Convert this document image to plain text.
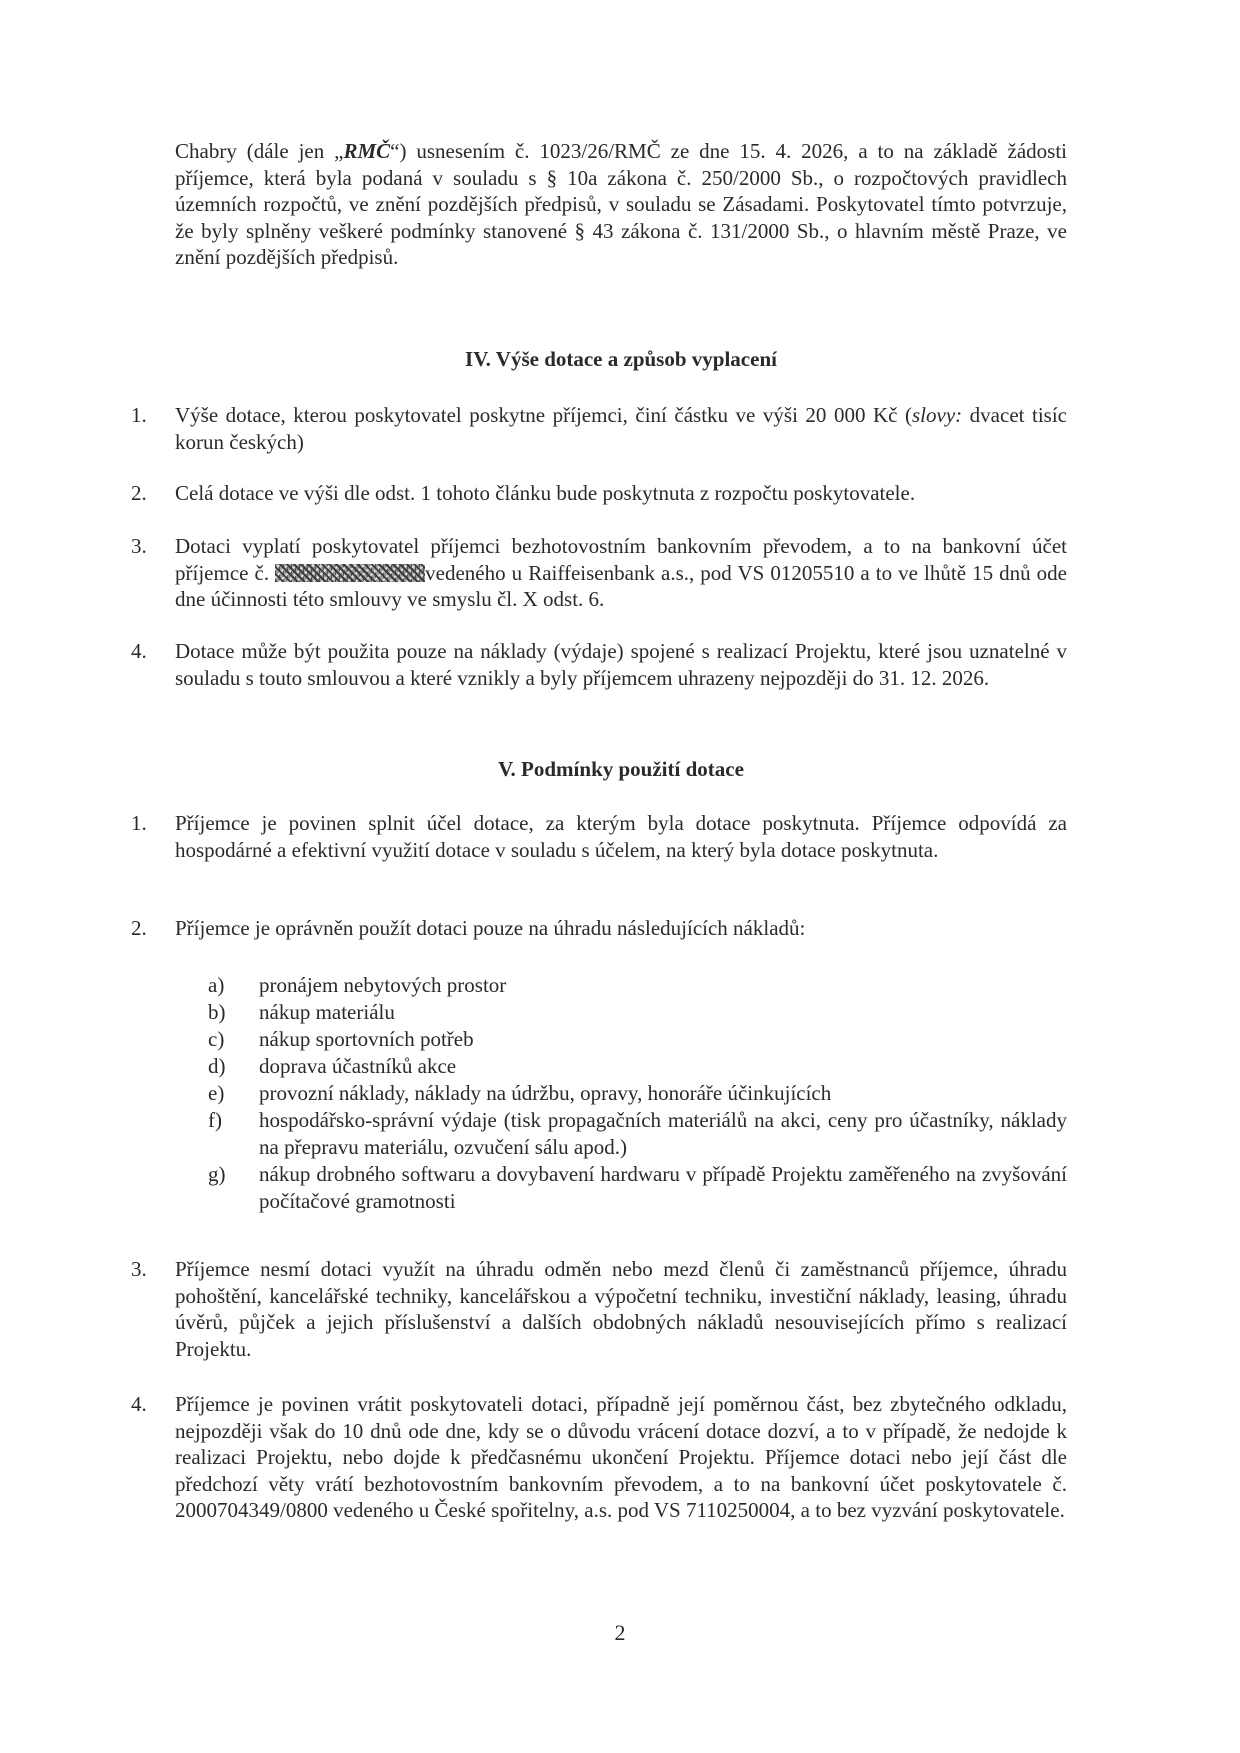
Chabry (dále jen „RMČ“) usnesením č. 1023/26/RMČ ze dne 15. 4. 2026, a to na základě žádosti příjemce, která byla podaná v souladu s § 10a zákona č. 250/2000 Sb., o rozpočtových pravidlech územních rozpočtů, ve znění pozdějších předpisů, v souladu se Zásadami. Poskytovatel tímto potvrzuje, že byly splněny veškeré podmínky stanovené § 43 zákona č. 131/2000 Sb., o hlavním městě Praze, ve znění pozdějších předpisů.
IV. Výše dotace a způsob vyplacení
1.	Výše dotace, kterou poskytovatel poskytne příjemci, činí částku ve výši 20 000 Kč (slovy: dvacet tisíc korun českých)
2.	Celá dotace ve výši dle odst. 1 tohoto článku bude poskytnuta z rozpočtu poskytovatele.
3.	Dotaci vyplatí poskytovatel příjemci bezhotovostním bankovním převodem, a to na bankovní účet příjemce č.	vedeného u Raiffeisenbank a.s., pod VS 01205510 a to ve lhůtě 15 dnů ode dne účinnosti této smlouvy ve smyslu čl. X odst. 6.
4.	Dotace může být použita pouze na náklady (výdaje) spojené s realizací Projektu, které jsou uznatelné v souladu s touto smlouvou a které vznikly a byly příjemcem uhrazeny nejpozději do 31. 12. 2026.
V. Podmínky použití dotace
1.	Příjemce je povinen splnit účel dotace, za kterým byla dotace poskytnuta. Příjemce odpovídá za hospodárné a efektivní využití dotace v souladu s účelem, na který byla dotace poskytnuta.
2.	Příjemce je oprávněn použít dotaci pouze na úhradu následujících nákladů:
a)	pronájem nebytových prostor
b)	nákup materiálu
c)	nákup sportovních potřeb
d)	doprava účastníků akce
e)	provozní náklady, náklady na údržbu, opravy, honoráře účinkujících
f)	hospodářsko-správní výdaje (tisk propagačních materiálů na akci, ceny pro účastníky, náklady na přepravu materiálu, ozvučení sálu apod.)
g)	nákup drobného softwaru a dovybavení hardwaru v případě Projektu zaměřeného na zvyšování počítačové gramotnosti
3.	Příjemce nesmí dotaci využít na úhradu odměn nebo mezd členů či zaměstnanců příjemce, úhradu pohoštění, kancelářské techniky, kancelářskou a výpočetní techniku, investiční náklady, leasing, úhradu úvěrů, půjček a jejich příslušenství a dalších obdobných nákladů nesouvisejících přímo s realizací Projektu.
4.	Příjemce je povinen vrátit poskytovateli dotaci, případně její poměrnou část, bez zbytečného odkladu, nejpozději však do 10 dnů ode dne, kdy se o důvodu vrácení dotace dozví, a to v případě, že nedojde k realizaci Projektu, nebo dojde k předčasnému ukončení Projektu. Příjemce dotaci nebo její část dle předchozí věty vrátí bezhotovostním bankovním převodem, a to na bankovní účet poskytovatele č. 2000704349/0800 vedeného u České spořitelny, a.s. pod VS 7110250004, a to bez vyzvání poskytovatele.
2
